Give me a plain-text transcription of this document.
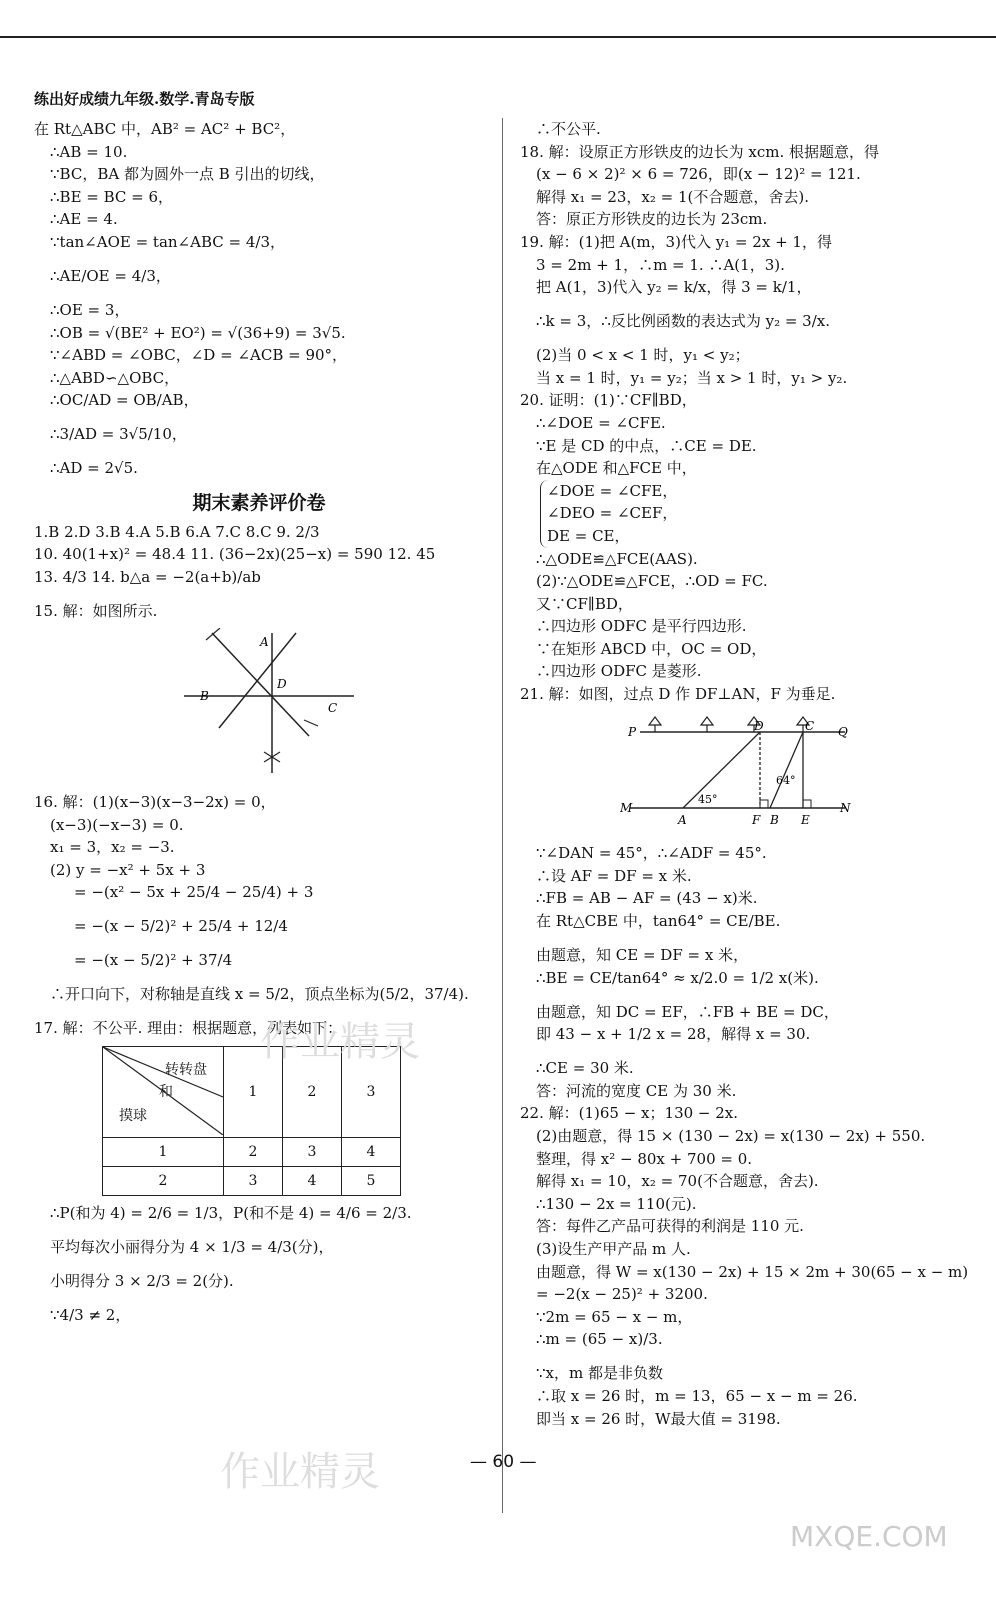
练出好成绩九年级.数学.青岛专版
在 Rt△ABC 中，AB² = AC² + BC²，
∴AB = 10.
∵BC，BA 都为圆外一点 B 引出的切线，
∴BE = BC = 6，
∴AE = 4.
∵tan∠AOE = tan∠ABC = 4/3，
∴AE/OE = 4/3，
∴OE = 3，
∴OB = √(BE² + EO²) = √(36+9) = 3√5.
∵∠ABD = ∠OBC，∠D = ∠ACB = 90°，
∴△ABD∽△OBC，
∴OC/AD = OB/AB，
∴3/AD = 3√5/10，
∴AD = 2√5.
期末素养评价卷
1.B 2.D 3.B 4.A 5.B 6.A 7.C 8.C 9. 2/3
10. 40(1+x)² = 48.4 11. (36−2x)(25−x) = 590 12. 45
13. 4/3 14. b△a = −2(a+b)/ab
15. 解：如图所示.
A
B
C
D
16. 解：(1)(x−3)(x−3−2x) = 0，
(x−3)(−x−3) = 0.
x₁ = 3，x₂ = −3.
(2) y = −x² + 5x + 3
= −(x² − 5x + 25/4 − 25/4) + 3
= −(x − 5/2)² + 25/4 + 12/4
= −(x − 5/2)² + 37/4
∴开口向下，对称轴是直线 x = 5/2，顶点坐标为(5/2，37/4).
17. 解：不公平. 理由：根据题意，列表如下：
转转盘
和
摸球	1	2	3
1	2	3	4
2	3	4	5
∴P(和为 4) = 2/6 = 1/3，P(和不是 4) = 4/6 = 2/3.
平均每次小丽得分为 4 × 1/3 = 4/3(分)，
小明得分 3 × 2/3 = 2(分).
∵4/3 ≠ 2，
∴不公平.
18. 解：设原正方形铁皮的边长为 xcm. 根据题意，得
(x − 6 × 2)² × 6 = 726，即(x − 12)² = 121.
解得 x₁ = 23，x₂ = 1(不合题意，舍去).
答：原正方形铁皮的边长为 23cm.
19. 解：(1)把 A(m，3)代入 y₁ = 2x + 1，得
3 = 2m + 1，∴m = 1. ∴A(1，3).
把 A(1，3)代入 y₂ = k/x，得 3 = k/1，
∴k = 3，∴反比例函数的表达式为 y₂ = 3/x.
(2)当 0 < x < 1 时，y₁ < y₂；
当 x = 1 时，y₁ = y₂；当 x > 1 时，y₁ > y₂.
20. 证明：(1)∵CF∥BD，
∴∠DOE = ∠CFE.
∵E 是 CD 的中点，∴CE = DE.
在△ODE 和△FCE 中，
∠DOE = ∠CFE，
∠DEO = ∠CEF，
DE = CE，
∴△ODE≌△FCE(AAS).
(2)∵△ODE≌△FCE，∴OD = FC.
又∵CF∥BD，
∴四边形 ODFC 是平行四边形.
∵在矩形 ABCD 中，OC = OD，
∴四边形 ODFC 是菱形.
21. 解：如图，过点 D 作 DF⊥AN，F 为垂足.
P	Q
M	N
D	C
A	F B E
45°
64°
∵∠DAN = 45°，∴∠ADF = 45°.
∴设 AF = DF = x 米.
∴FB = AB − AF = (43 − x)米.
在 Rt△CBE 中，tan64° = CE/BE.
由题意，知 CE = DF = x 米，
∴BE = CE/tan64° ≈ x/2.0 = 1/2 x(米).
由题意，知 DC = EF，∴FB + BE = DC，
即 43 − x + 1/2 x = 28，解得 x = 30.
∴CE = 30 米.
答：河流的宽度 CE 为 30 米.
22. 解：(1)65 − x；130 − 2x.
(2)由题意，得 15 × (130 − 2x) = x(130 − 2x) + 550.
整理，得 x² − 80x + 700 = 0.
解得 x₁ = 10，x₂ = 70(不合题意，舍去).
∴130 − 2x = 110(元).
答：每件乙产品可获得的利润是 110 元.
(3)设生产甲产品 m 人.
由题意，得 W = x(130 − 2x) + 15 × 2m + 30(65 − x − m)
= −2(x − 25)² + 3200.
∵2m = 65 − x − m，
∴m = (65 − x)/3.
∵x，m 都是非负数
∴取 x = 26 时，m = 13，65 − x − m = 26.
即当 x = 26 时，W最大值 = 3198.
— 60 —
作业精灵
作业精灵
MXQE.COM
